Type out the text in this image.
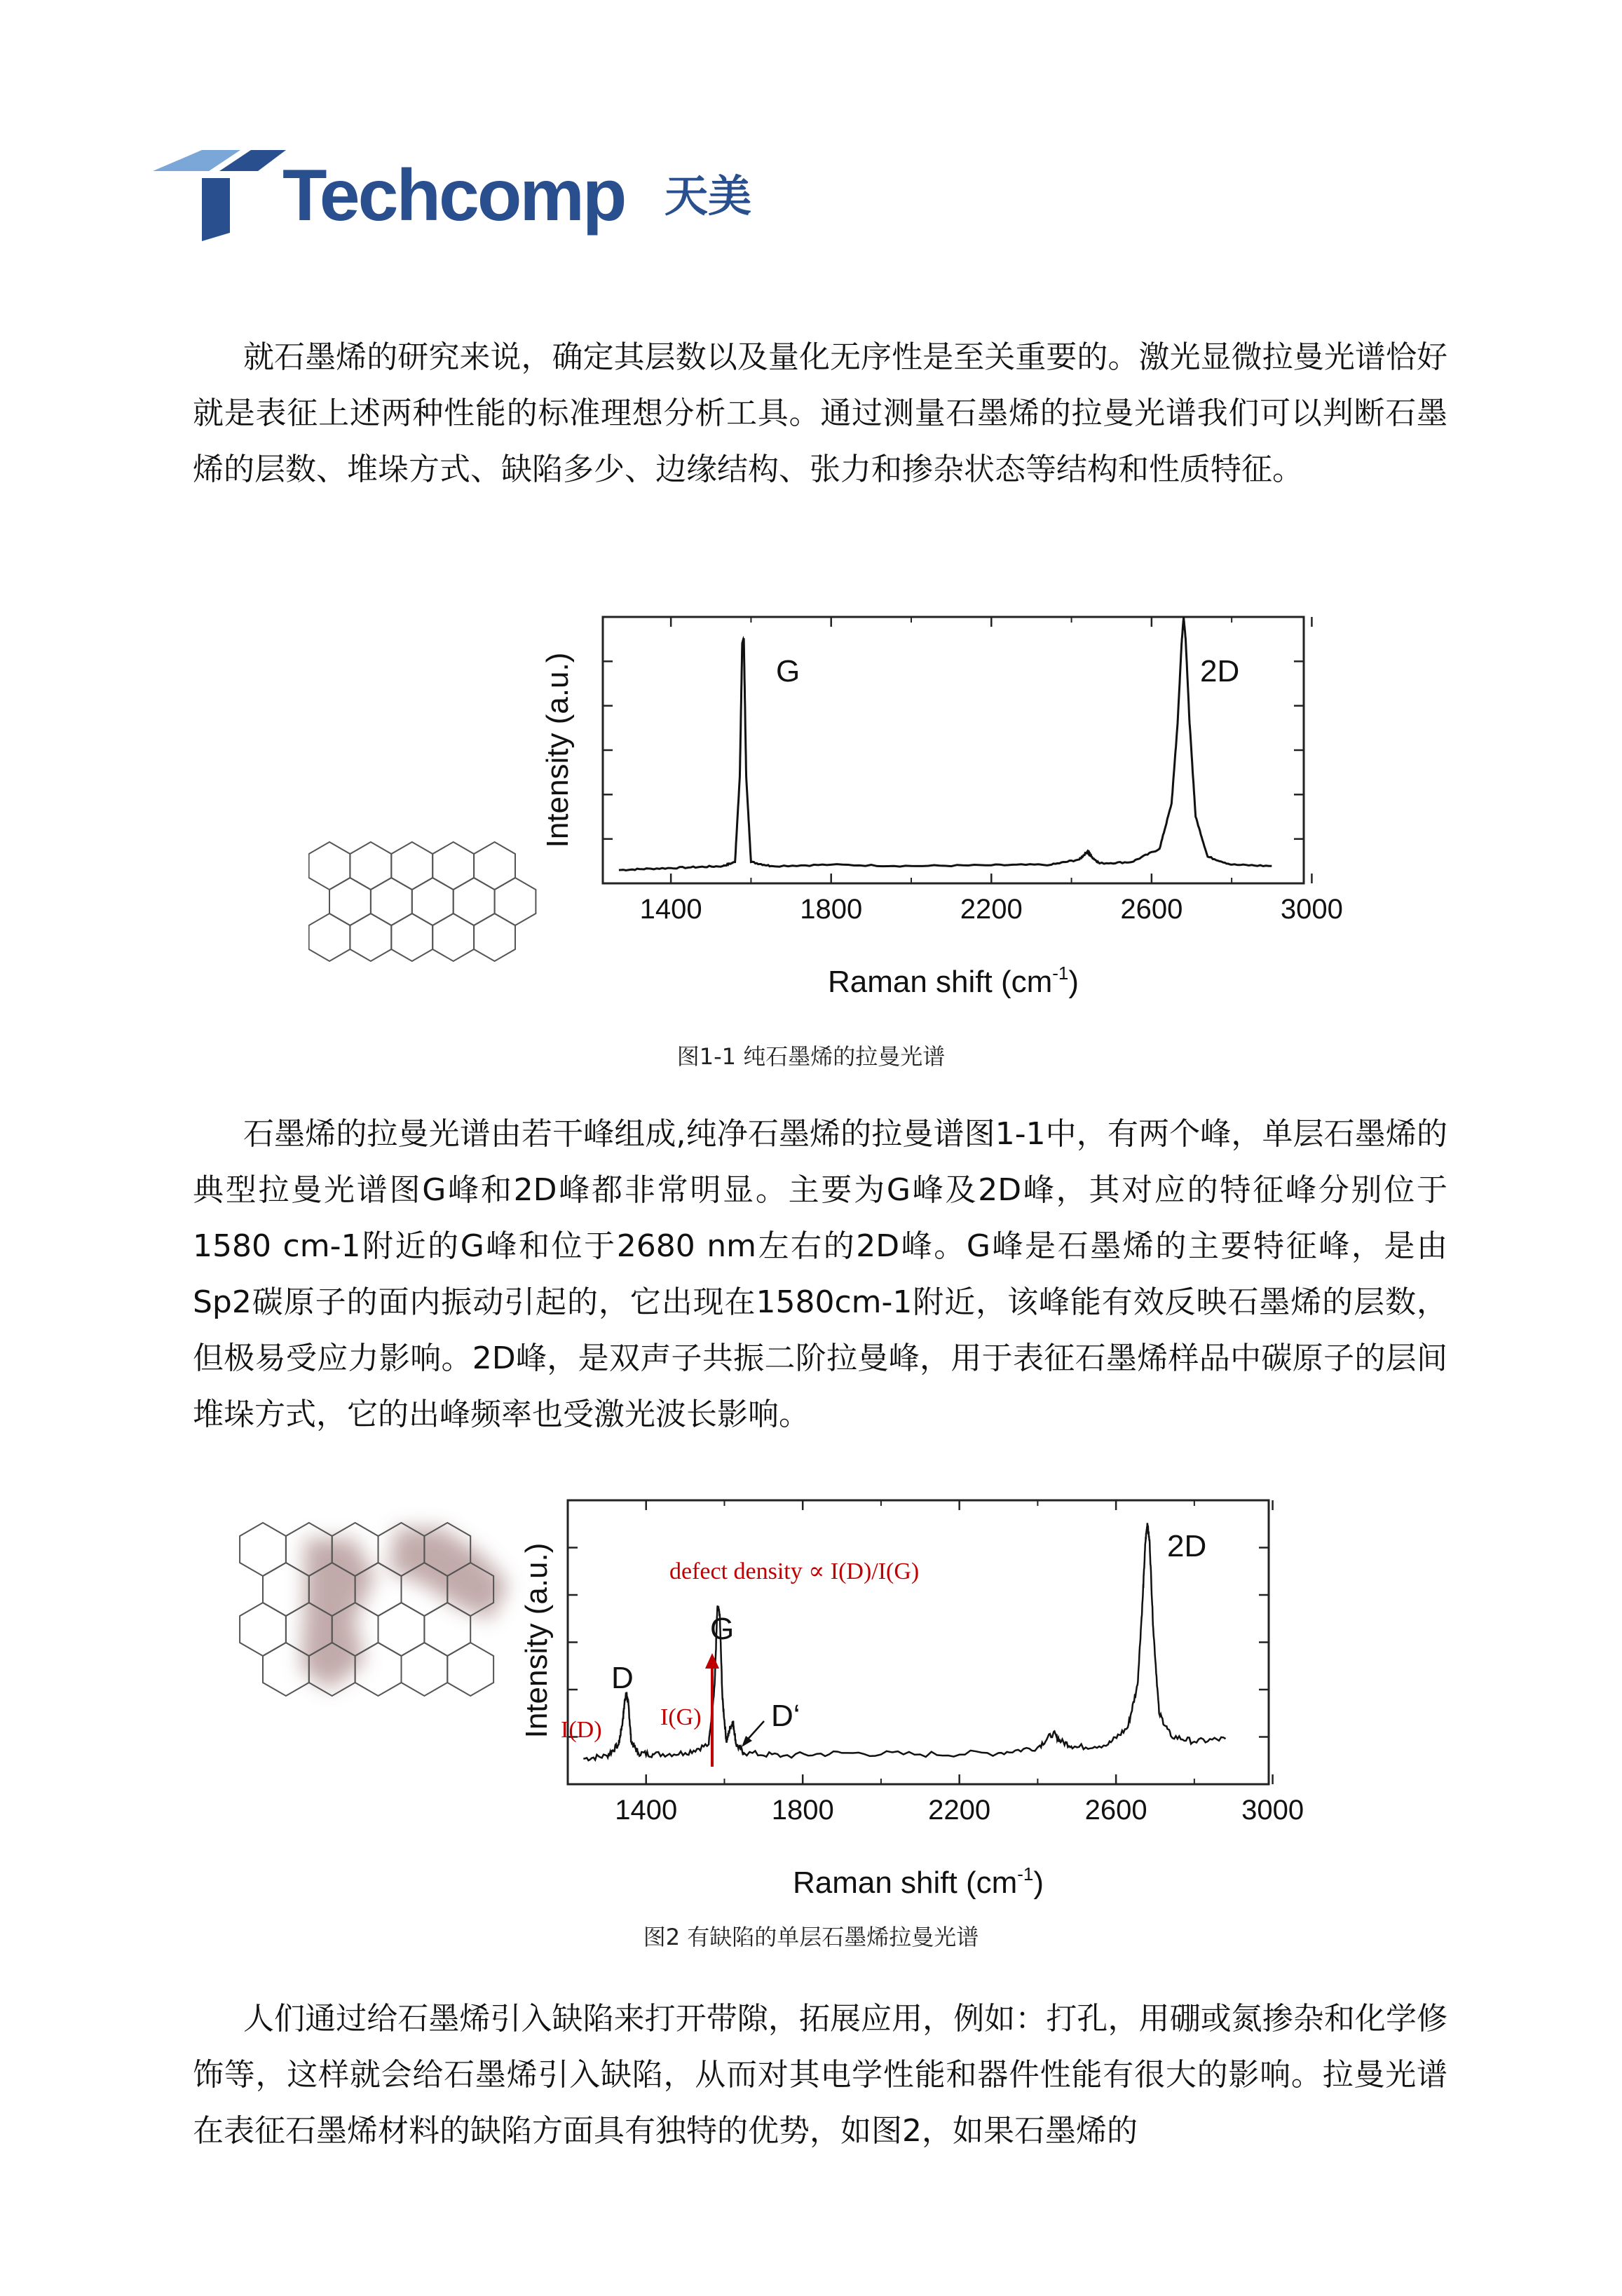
Techcomp 天美

就石墨烯的研究来说，确定其层数以及量化无序性是至关重要的。激光显微拉曼光谱恰好就是表征上述两种性能的标准理想分析工具。通过测量石墨烯的拉曼光谱我们可以判断石墨烯的层数、堆垛方式、缺陷多少、边缘结构、张力和掺杂状态等结构和性质特征。

1400	1800	2200	2600	3000
G	2D
Intensity (a.u.)
Raman shift $(cm^{-1})$
图1-1 纯石墨烯的拉曼光谱

石墨烯的拉曼光谱由若干峰组成,纯净石墨烯的拉曼谱图1-1中，有两个峰，单层石墨烯的典型拉曼光谱图G峰和2D峰都非常明显。主要为G峰及2D峰，其对应的特征峰分别位于1580 cm-1附近的G峰和位于2680 nm左右的2D峰。G峰是石墨烯的主要特征峰，是由Sp2碳原子的面内振动引起的，它出现在1580cm-1附近，该峰能有效反映石墨烯的层数，但极易受应力影响。2D峰，是双声子共振二阶拉曼峰，用于表征石墨烯样品中碳原子的层间堆垛方式，它的出峰频率也受激光波长影响。

1400	1800	2200	2600	3000
defect density ∝ I(D)/I(G)
D
G
D‘
2D
I(D) I(G)
Intensity (a.u.)
Raman shift $(cm^{-1})$
图2 有缺陷的单层石墨烯拉曼光谱

人们通过给石墨烯引入缺陷来打开带隙，拓展应用，例如：打孔，用硼或氮掺杂和化学修饰等，这样就会给石墨烯引入缺陷，从而对其电学性能和器件性能有很大的影响。拉曼光谱在表征石墨烯材料的缺陷方面具有独特的优势，如图2，如果石墨烯的
